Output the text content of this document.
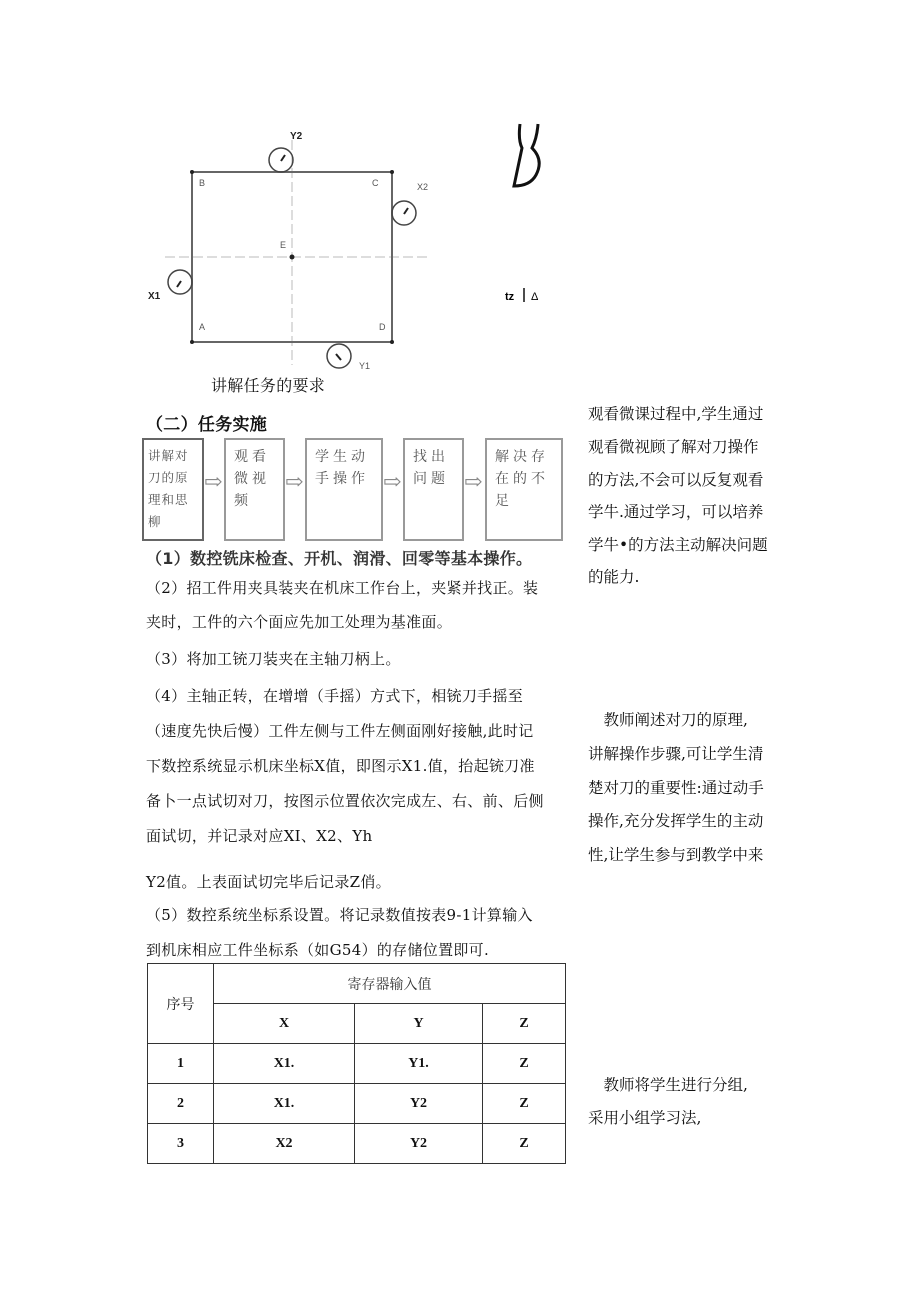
Y2
X1
X2
Y1
B	C
A	D
E
tz Δ
讲解任务的要求
（二）任务实施
讲解对刀的原理和思柳
⇨
观看微视频
⇨
学生动手操作 ⇨
找出问题 ⇨
解决存在的不足
（1）数控铣床检查、开机、润滑、回零等基本操作。
（2）招工件用夹具装夹在机床工作台上，夹紧并找正。装
夹时，工件的六个面应先加工处理为基准面。
（3）将加工铳刀装夹在主轴刀柄上。
（4）主轴正转，在增增（手摇）方式下，相铳刀手摇至
（速度先快后慢）工件左侧与工件左侧面刚好接触,此时记
下数控系统显示机床坐标X值，即图示X1.值，抬起铳刀准
备卜一点试切对刀，按图示位置依次完成左、右、前、后侧
面试切，并记录对应XI、X2、Yh
Y2值。上表面试切完毕后记录Z俏。
（5）数控系统坐标系设置。将记录数值按表9-1计算输入
到机床相应工件坐标系（如G54）的存储位置即可.
序号	寄存器输入值		
	X	Y	Z
1	X1.	Y1.	Z
2	X1.	Y2	Z
3	X2	Y2	Z
观看微课过程中,学生通过
观看微视顾了解对刀操作
的方法,不会可以反复观看
学牛.通过学习，可以培养
学牛•的方法主动解决问题
的能力.
　教师阐述对刀的原理,
讲解操作步骤,可让学生清
楚对刀的重要性:通过动手
操作,充分发挥学生的主动
性,让学生参与到教学中来
　教师将学生进行分组,
采用小组学习法,
